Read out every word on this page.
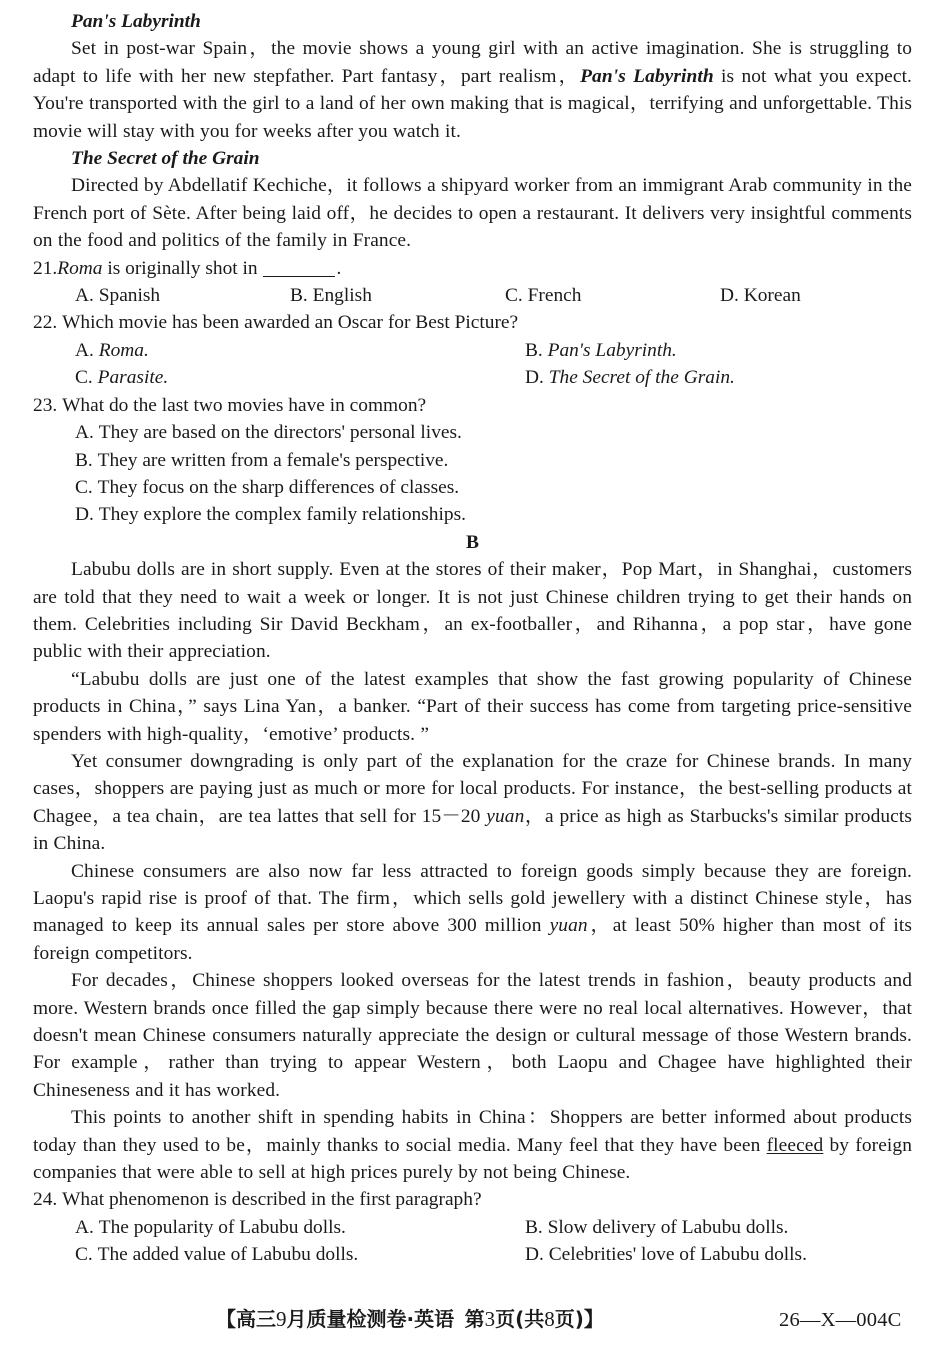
Pan's Labyrinth

Set in post-war Spain，the movie shows a young girl with an active imagination. She is struggling to adapt to life with her new stepfather. Part fantasy，part realism，Pan's Labyrinth is not what you expect. You're transported with the girl to a land of her own making that is magical，terrifying and unforgettable. This movie will stay with you for weeks after you watch it.

The Secret of the Grain

Directed by Abdellatif Kechiche，it follows a shipyard worker from an immigrant Arab community in the French port of Sète. After being laid off，he decides to open a restaurant. It delivers very insightful comments on the food and politics of the family in France.

21.Roma is originally shot in	.
A. Spanish	B. English	C. French	D. Korean
22. Which movie has been awarded an Oscar for Best Picture?
A. Roma.	B. Pan's Labyrinth.
C. Parasite.	D. The Secret of the Grain.
23. What do the last two movies have in common?
A. They are based on the directors' personal lives.
B. They are written from a female's perspective.
C. They focus on the sharp differences of classes.
D. They explore the complex family relationships.

B

Labubu dolls are in short supply. Even at the stores of their maker，Pop Mart，in Shanghai，customers are told that they need to wait a week or longer. It is not just Chinese children trying to get their hands on them. Celebrities including Sir David Beckham，an ex-footballer，and Rihanna，a pop star，have gone public with their appreciation.

“Labubu dolls are just one of the latest examples that show the fast growing popularity of Chinese products in China，” says Lina Yan，a banker. “Part of their success has come from targeting price-sensitive spenders with high-quality，‘emotive’ products. ”

Yet consumer downgrading is only part of the explanation for the craze for Chinese brands. In many cases，shoppers are paying just as much or more for local products. For instance，the best-selling products at Chagee，a tea chain，are tea lattes that sell for 15－20 yuan，a price as high as Starbucks's similar products in China.

Chinese consumers are also now far less attracted to foreign goods simply because they are foreign. Laopu's rapid rise is proof of that. The firm，which sells gold jewellery with a distinct Chinese style，has managed to keep its annual sales per store above 300 million yuan，at least 50% higher than most of its foreign competitors.

For decades，Chinese shoppers looked overseas for the latest trends in fashion，beauty products and more. Western brands once filled the gap simply because there were no real local alternatives. However，that doesn't mean Chinese consumers naturally appreciate the design or cultural message of those Western brands. For example，rather than trying to appear Western，both Laopu and Chagee have highlighted their Chineseness and it has worked.

This points to another shift in spending habits in China：Shoppers are better informed about products today than they used to be，mainly thanks to social media. Many feel that they have been fleeced by foreign companies that were able to sell at high prices purely by not being Chinese.

24. What phenomenon is described in the first paragraph?
A. The popularity of Labubu dolls.	B. Slow delivery of Labubu dolls.
C. The added value of Labubu dolls.	D. Celebrities' love of Labubu dolls.
【高三9月质量检测卷·英语 第3页(共8页)】	26—X—004C
